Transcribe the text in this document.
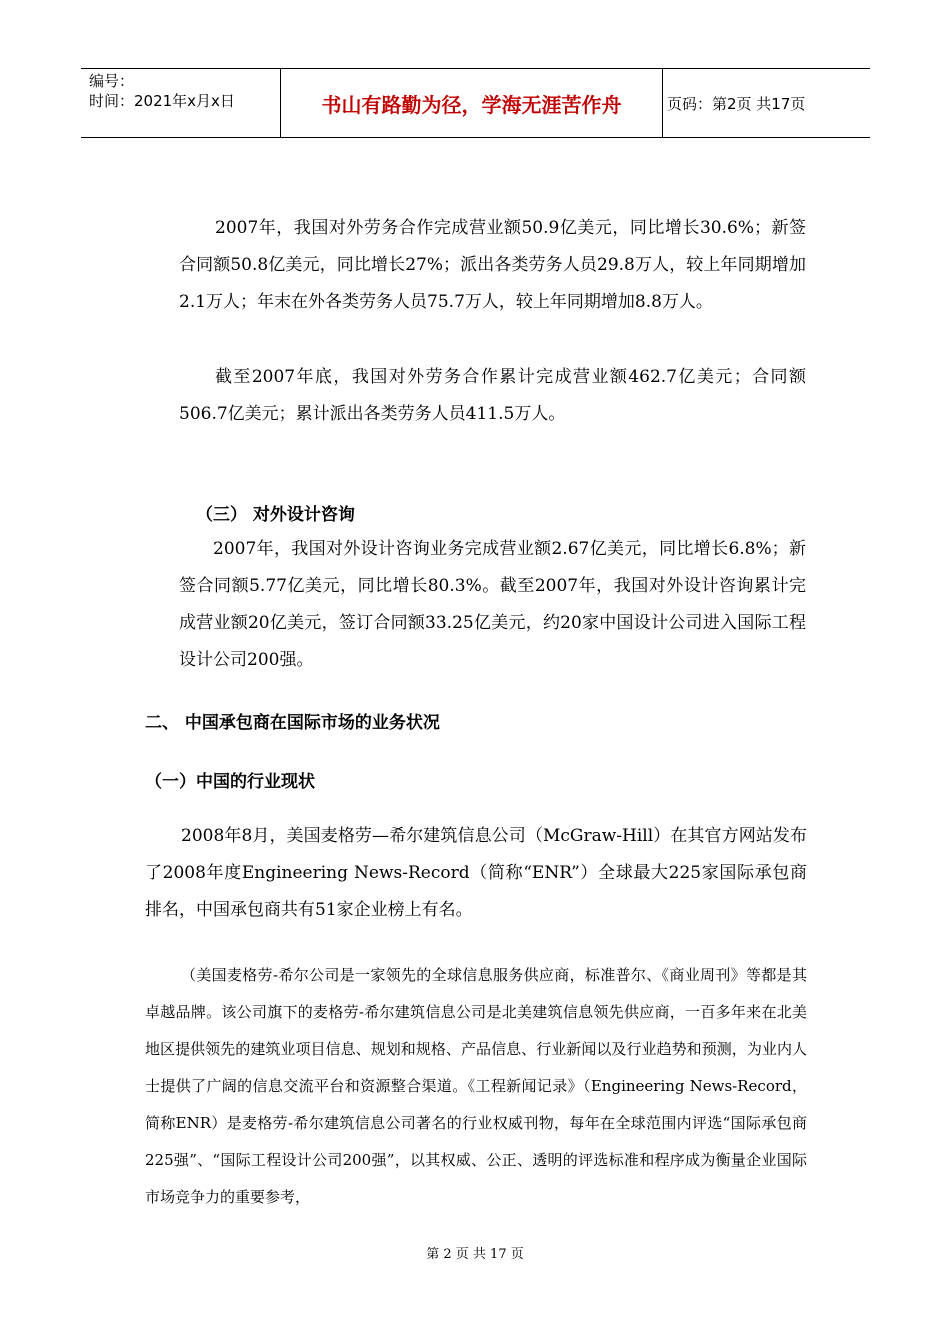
编号：
时间：2021年x月x日	书山有路勤为径，学海无涯苦作舟	页码：第2页 共17页
2007年，我国对外劳务合作完成营业额50.9亿美元，同比增长30.6%；新签合同额50.8亿美元，同比增长27%；派出各类劳务人员29.8万人，较上年同期增加2.1万人；年末在外各类劳务人员75.7万人，较上年同期增加8.8万人。
截至2007年底，我国对外劳务合作累计完成营业额462.7亿美元；合同额506.7亿美元；累计派出各类劳务人员411.5万人。
（三） 对外设计咨询
2007年，我国对外设计咨询业务完成营业额2.67亿美元，同比增长6.8%；新签合同额5.77亿美元，同比增长80.3%。截至2007年，我国对外设计咨询累计完成营业额20亿美元，签订合同额33.25亿美元，约20家中国设计公司进入国际工程设计公司200强。
二、 中国承包商在国际市场的业务状况
（一）中国的行业现状
2008年8月，美国麦格劳—希尔建筑信息公司（McGraw-Hill）在其官方网站发布了2008年度Engineering News-Record（简称“ENR”）全球最大225家国际承包商排名，中国承包商共有51家企业榜上有名。
（美国麦格劳-希尔公司是一家领先的全球信息服务供应商，标准普尔、《商业周刊》等都是其卓越品牌。该公司旗下的麦格劳-希尔建筑信息公司是北美建筑信息领先供应商，一百多年来在北美地区提供领先的建筑业项目信息、规划和规格、产品信息、行业新闻以及行业趋势和预测，为业内人士提供了广阔的信息交流平台和资源整合渠道。《工程新闻记录》（Engineering News-Record，简称ENR）是麦格劳-希尔建筑信息公司著名的行业权威刊物，每年在全球范围内评选“国际承包商225强”、“国际工程设计公司200强”，以其权威、公正、透明的评选标准和程序成为衡量企业国际市场竞争力的重要参考，
第 2 页 共 17 页
